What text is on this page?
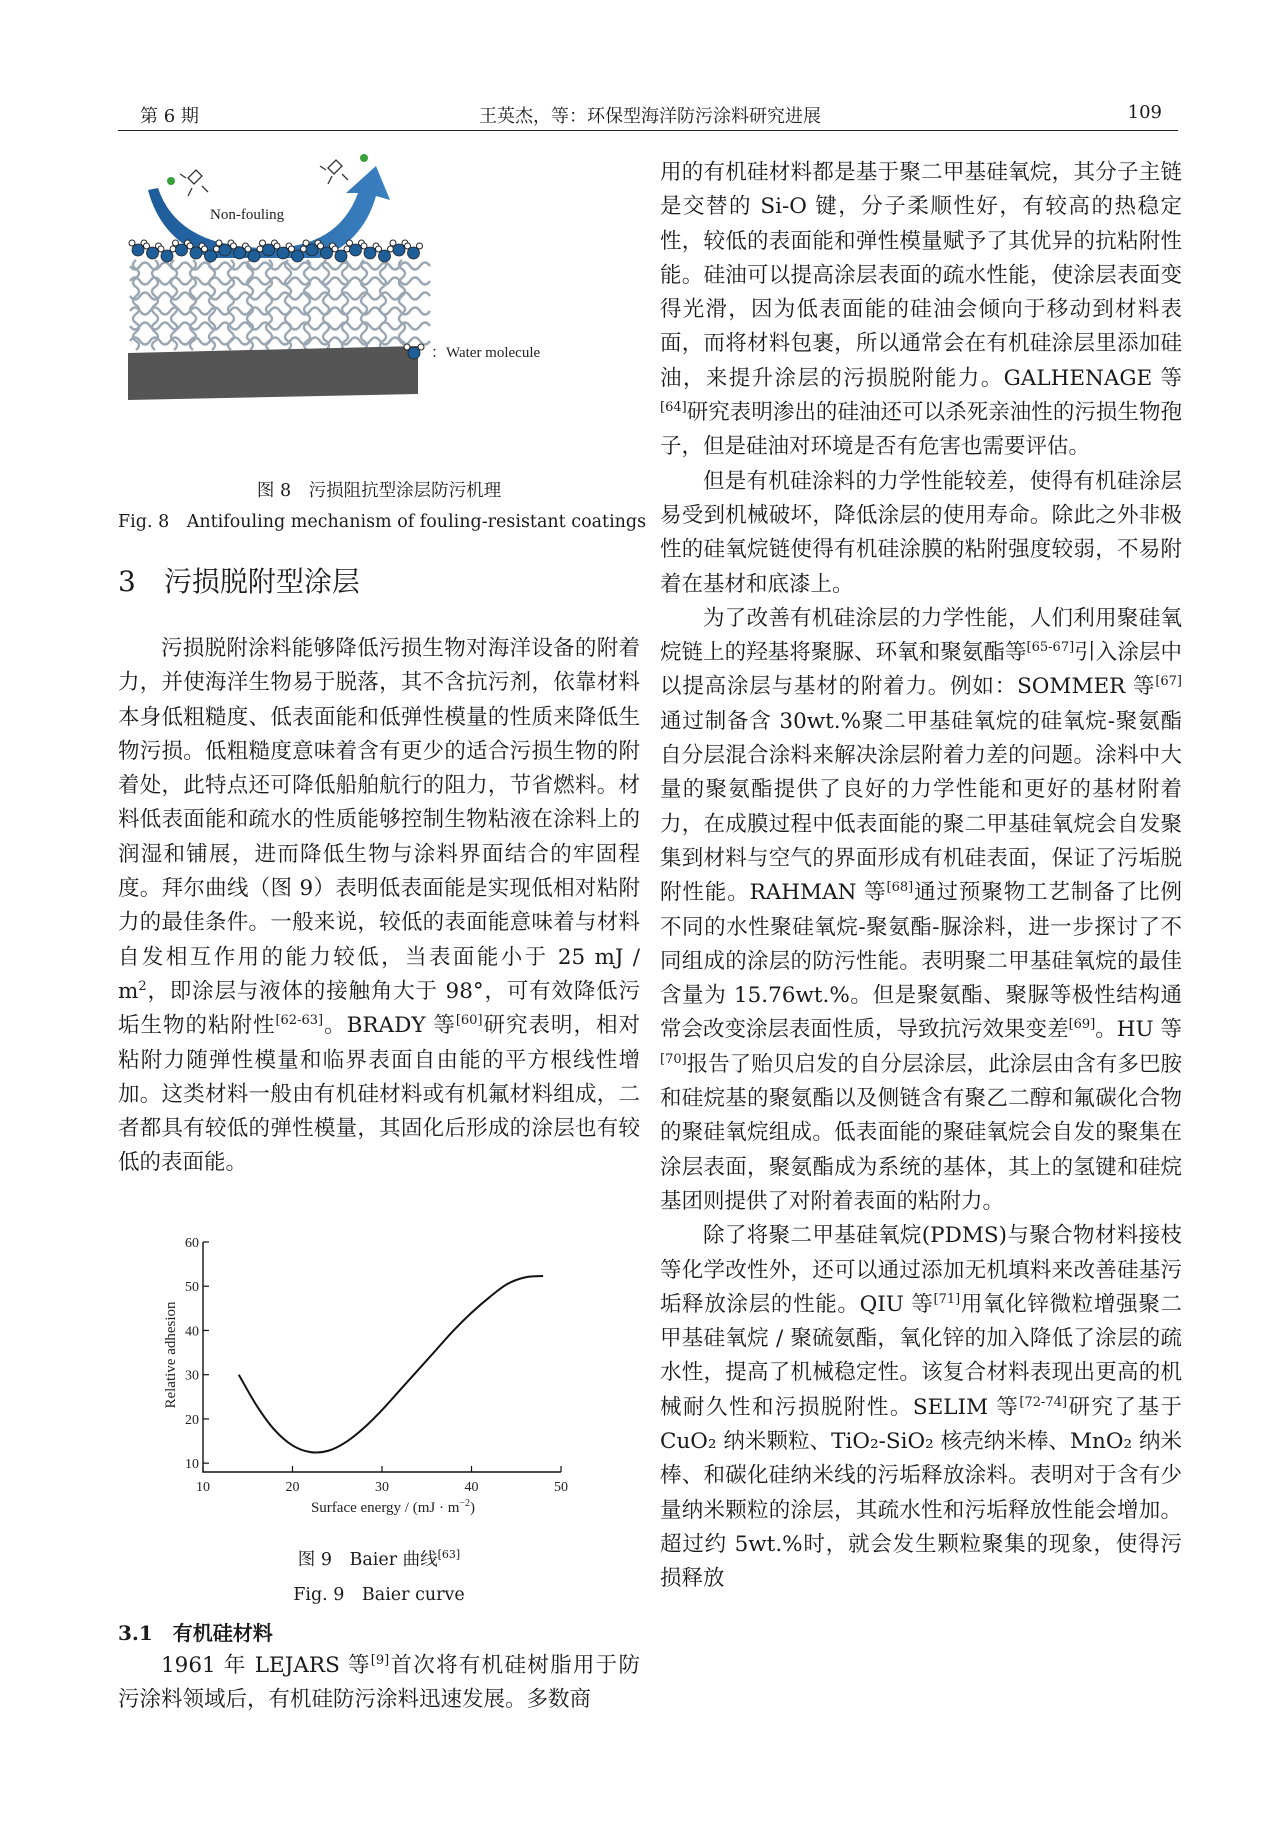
第 6 期	王英杰，等：环保型海洋防污涂料研究进展	109
Non-fouling
：Water molecule
图 8　污损阻抗型涂层防污机理
Fig. 8　Antifouling mechanism of fouling-resistant coatings
3　污损脱附型涂层

污损脱附涂料能够降低污损生物对海洋设备的附着力，并使海洋生物易于脱落，其不含抗污剂，依靠材料本身低粗糙度、低表面能和低弹性模量的性质来降低生物污损。低粗糙度意味着含有更少的适合污损生物的附着处，此特点还可降低船舶航行的阻力，节省燃料。材料低表面能和疏水的性质能够控制生物粘液在涂料上的润湿和铺展，进而降低生物与涂料界面结合的牢固程度。拜尔曲线（图 9）表明低表面能是实现低相对粘附力的最佳条件。一般来说，较低的表面能意味着与材料自发相互作用的能力较低，当表面能小于 25 mJ / $m^2$，即涂层与液体的接触角大于 98°，可有效降低污垢生物的粘附性[62-63]。BRADY 等[60]研究表明，相对粘附力随弹性模量和临界表面自由能的平方根线性增加。这类材料一般由有机硅材料或有机氟材料组成，二者都具有较低的弹性模量，其固化后形成的涂层也有较低的表面能。

10	20	30	40	50
10
20
30
40
50
60
Relative adhesion
Surface energy / $(mJ \cdot m^{-2})$
图 9　Baier 曲线[63]
Fig. 9　Baier curve
3.1　有机硅材料

1961 年 LEJARS 等[9]首次将有机硅树脂用于防污涂料领域后，有机硅防污涂料迅速发展。多数商

用的有机硅材料都是基于聚二甲基硅氧烷，其分子主链是交替的 Si-O 键，分子柔顺性好，有较高的热稳定性，较低的表面能和弹性模量赋予了其优异的抗粘附性能。硅油可以提高涂层表面的疏水性能，使涂层表面变得光滑，因为低表面能的硅油会倾向于移动到材料表面，而将材料包裹，所以通常会在有机硅涂层里添加硅油，来提升涂层的污损脱附能力。GALHENAGE 等[64]研究表明渗出的硅油还可以杀死亲油性的污损生物孢子，但是硅油对环境是否有危害也需要评估。

但是有机硅涂料的力学性能较差，使得有机硅涂层易受到机械破坏，降低涂层的使用寿命。除此之外非极性的硅氧烷链使得有机硅涂膜的粘附强度较弱，不易附着在基材和底漆上。

为了改善有机硅涂层的力学性能，人们利用聚硅氧烷链上的羟基将聚脲、环氧和聚氨酯等[65-67]引入涂层中以提高涂层与基材的附着力。例如：SOMMER 等[67]通过制备含 30wt.%聚二甲基硅氧烷的硅氧烷-聚氨酯自分层混合涂料来解决涂层附着力差的问题。涂料中大量的聚氨酯提供了良好的力学性能和更好的基材附着力，在成膜过程中低表面能的聚二甲基硅氧烷会自发聚集到材料与空气的界面形成有机硅表面，保证了污垢脱附性能。RAHMAN 等[68]通过预聚物工艺制备了比例不同的水性聚硅氧烷-聚氨酯-脲涂料，进一步探讨了不同组成的涂层的防污性能。表明聚二甲基硅氧烷的最佳含量为 15.76wt.%。但是聚氨酯、聚脲等极性结构通常会改变涂层表面性质，导致抗污效果变差[69]。HU 等[70]报告了贻贝启发的自分层涂层，此涂层由含有多巴胺和硅烷基的聚氨酯以及侧链含有聚乙二醇和氟碳化合物的聚硅氧烷组成。低表面能的聚硅氧烷会自发的聚集在涂层表面，聚氨酯成为系统的基体，其上的氢键和硅烷基团则提供了对附着表面的粘附力。

除了将聚二甲基硅氧烷(PDMS)与聚合物材料接枝等化学改性外，还可以通过添加无机填料来改善硅基污垢释放涂层的性能。QIU 等[71]用氧化锌微粒增强聚二甲基硅氧烷 / 聚硫氨酯，氧化锌的加入降低了涂层的疏水性，提高了机械稳定性。该复合材料表现出更高的机械耐久性和污损脱附性。SELIM 等[72-74]研究了基于 CuO₂ 纳米颗粒、TiO₂-SiO₂ 核壳纳米棒、MnO₂ 纳米棒、和碳化硅纳米线的污垢释放涂料。表明对于含有少量纳米颗粒的涂层，其疏水性和污垢释放性能会增加。超过约 5wt.%时，就会发生颗粒聚集的现象，使得污损释放
